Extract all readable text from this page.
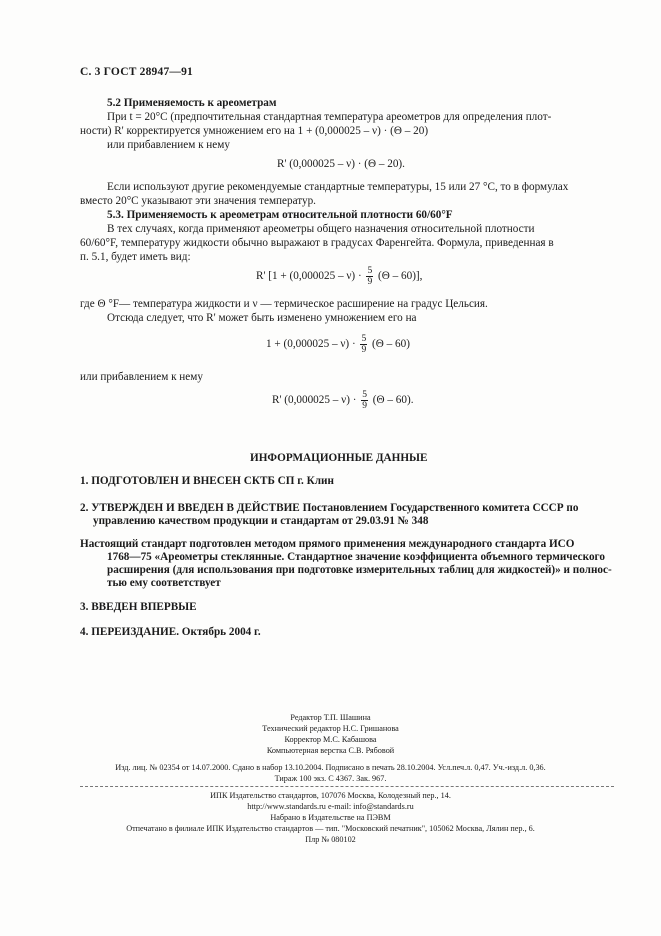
С. 3 ГОСТ 28947—91
5.2 Применяемость к ареометрам
При t = 20°С (предпочтительная стандартная температура ареометров для определения плот-
ности) R' корректируется умножением его на 1 + (0,000025 – ν) · (Θ – 20)
или прибавлением к нему
R' (0,000025 – ν) · (Θ – 20).
Если используют другие рекомендуемые стандартные температуры, 15 или 27 °С, то в формулах
вместо 20°С указывают эти значения температур.
5.3. Применяемость к ареометрам относительной плотности 60/60°F
В тех случаях, когда применяют ареометры общего назначения относительной плотности
60/60°F, температуру жидкости обычно выражают в градусах Фаренгейта. Формула, приведенная в
п. 5.1, будет иметь вид:
R' $[1 + (0,000025 - \nu) \cdot \frac{5}{9} (\Theta - 60)]$,
где Θ °F— температура жидкости и ν — термическое расширение на градус Цельсия.
Отсюда следует, что R' может быть изменено умножением его на
$1 + (0,000025 - \nu) \cdot \frac{5}{9} (\Theta - 60)$
или прибавлением к нему
R' $(0,000025 - \nu) \cdot \frac{5}{9} (\Theta - 60)$.
ИНФОРМАЦИОННЫЕ ДАННЫЕ
1. ПОДГОТОВЛЕН И ВНЕСЕН СКТБ СП г. Клин
2. УТВЕРЖДЕН И ВВЕДЕН В ДЕЙСТВИЕ Постановлением Государственного комитета СССР по
управлению качеством продукции и стандартам от 29.03.91 № 348
Настоящий стандарт подготовлен методом прямого применения международного стандарта ИСО
1768—75 «Ареометры стеклянные. Стандартное значение коэффициента объемного термического
расширения (для использования при подготовке измерительных таблиц для жидкостей)» и полнос-
тью ему соответствует
3. ВВЕДЕН ВПЕРВЫЕ
4. ПЕРЕИЗДАНИЕ. Октябрь 2004 г.
Редактор Т.П. Шашина
Технический редактор Н.С. Гришанова
Корректор М.С. Кабашова
Компьютерная верстка С.В. Рябовой
Изд. лиц. № 02354 от 14.07.2000. Сдано в набор 13.10.2004. Подписано в печать 28.10.2004. Усл.печ.л. 0,47. Уч.-изд.л. 0,36.
Тираж 100 экз. С 4367. Зак. 967.
ИПК Издательство стандартов, 107076 Москва, Колодезный пер., 14.
http://www.standards.ru e-mail: info@standards.ru
Набрано в Издательстве на ПЭВМ
Отпечатано в филиале ИПК Издательство стандартов — тип. "Московский печатник", 105062 Москва, Лялин пер., 6.
Плр № 080102
